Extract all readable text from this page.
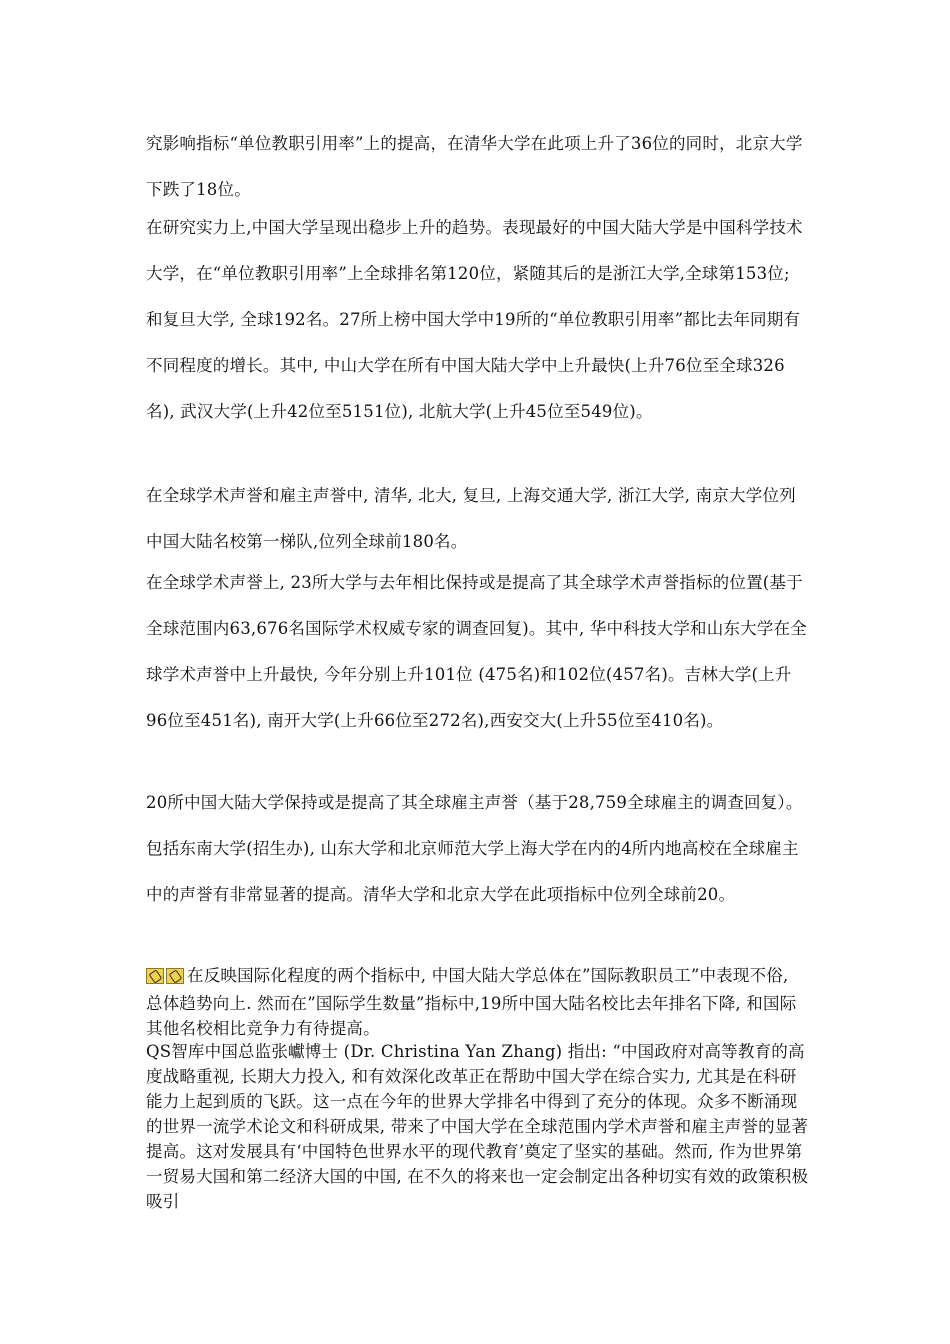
究影响指标“单位教职引用率”上的提高，在清华大学在此项上升了36位的同时，北京大学下跌了18位。

在研究实力上,中国大学呈现出稳步上升的趋势。表现最好的中国大陆大学是中国科学技术大学，在“单位教职引用率”上全球排名第120位，紧随其后的是浙江大学,全球第153位; 和复旦大学, 全球192名。27所上榜中国大学中19所的“单位教职引用率”都比去年同期有不同程度的增长。其中, 中山大学在所有中国大陆大学中上升最快(上升76位至全球326名), 武汉大学(上升42位至5151位), 北航大学(上升45位至549位)。

在全球学术声誉和雇主声誉中, 清华, 北大, 复旦, 上海交通大学, 浙江大学, 南京大学位列中国大陆名校第一梯队,位列全球前180名。

在全球学术声誉上, 23所大学与去年相比保持或是提高了其全球学术声誉指标的位置(基于全球范围内63,676名国际学术权威专家的调查回复)。其中, 华中科技大学和山东大学在全球学术声誉中上升最快, 今年分别上升101位 (475名)和102位(457名)。吉林大学(上升96位至451名), 南开大学(上升66位至272名),西安交大(上升55位至410名)。

20所中国大陆大学保持或是提高了其全球雇主声誉（基于28,759全球雇主的调查回复）。包括东南大学(招生办), 山东大学和北京师范大学上海大学在内的4所内地高校在全球雇主中的声誉有非常显著的提高。清华大学和北京大学在此项指标中位列全球前20。

在反映国际化程度的两个指标中, 中国大陆大学总体在”国际教职员工”中表现不俗, 总体趋势向上. 然而在”国际学生数量”指标中,19所中国大陆名校比去年排名下降, 和国际其他名校相比竞争力有待提高。

QS智库中国总监张巘博士 (Dr. Christina Yan Zhang) 指出: “中国政府对高等教育的高度战略重视, 长期大力投入, 和有效深化改革正在帮助中国大学在综合实力, 尤其是在科研能力上起到质的飞跃。这一点在今年的世界大学排名中得到了充分的体现。众多不断涌现的世界一流学术论文和科研成果, 带来了中国大学在全球范围内学术声誉和雇主声誉的显著提高。这对发展具有‘中国特色世界水平的现代教育’奠定了坚实的基础。然而, 作为世界第一贸易大国和第二经济大国的中国, 在不久的将来也一定会制定出各种切实有效的政策积极吸引
